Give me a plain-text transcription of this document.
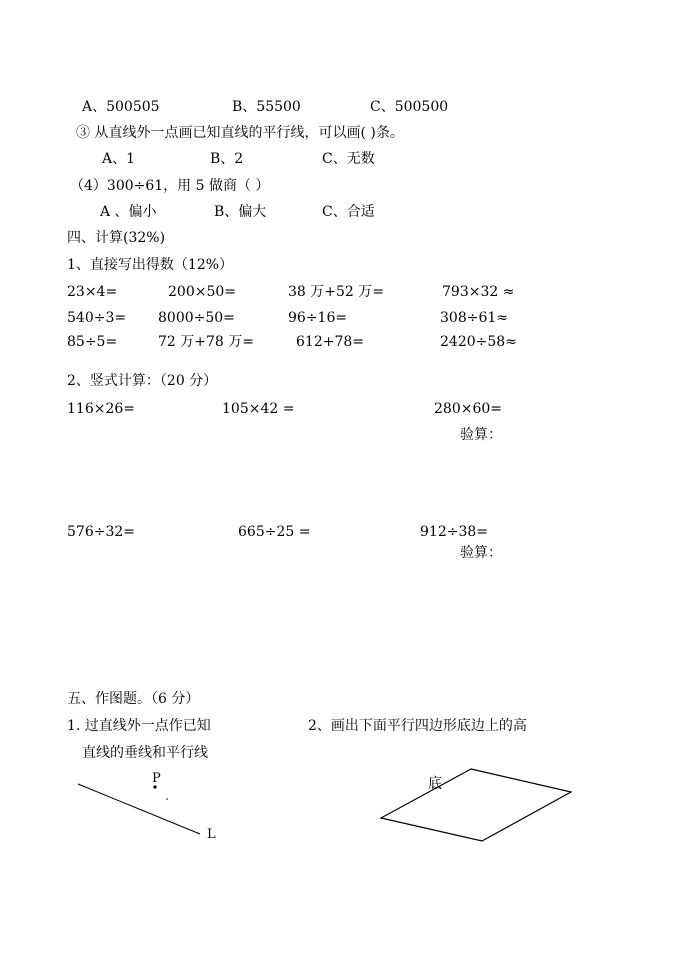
A、500505	B、55500	C、500500
③ 从直线外一点画已知直线的平行线，可以画( )条。
A、1	B、2	C、无数
（4）300÷61，用 5 做商（ ）
A 、偏小	B、偏大	C、合适
四、计算(32%)
1、直接写出得数（12%）
23×4=	200×50=	38 万+52 万=	793×32 ≈
540÷3= 8000÷50=	96÷16=	308÷61≈
85÷5=	72 万+78 万=	612+78=	2420÷58≈
2、竖式计算：（20 分）
116×26=	105×42 =	280×60=
验算：
576÷32=	665÷25 =	912÷38=
验算：
五、作图题。（6 分）
1. 过直线外一点作已知
直线的垂线和平行线
2、画出下面平行四边形底边上的高
P
L
底
